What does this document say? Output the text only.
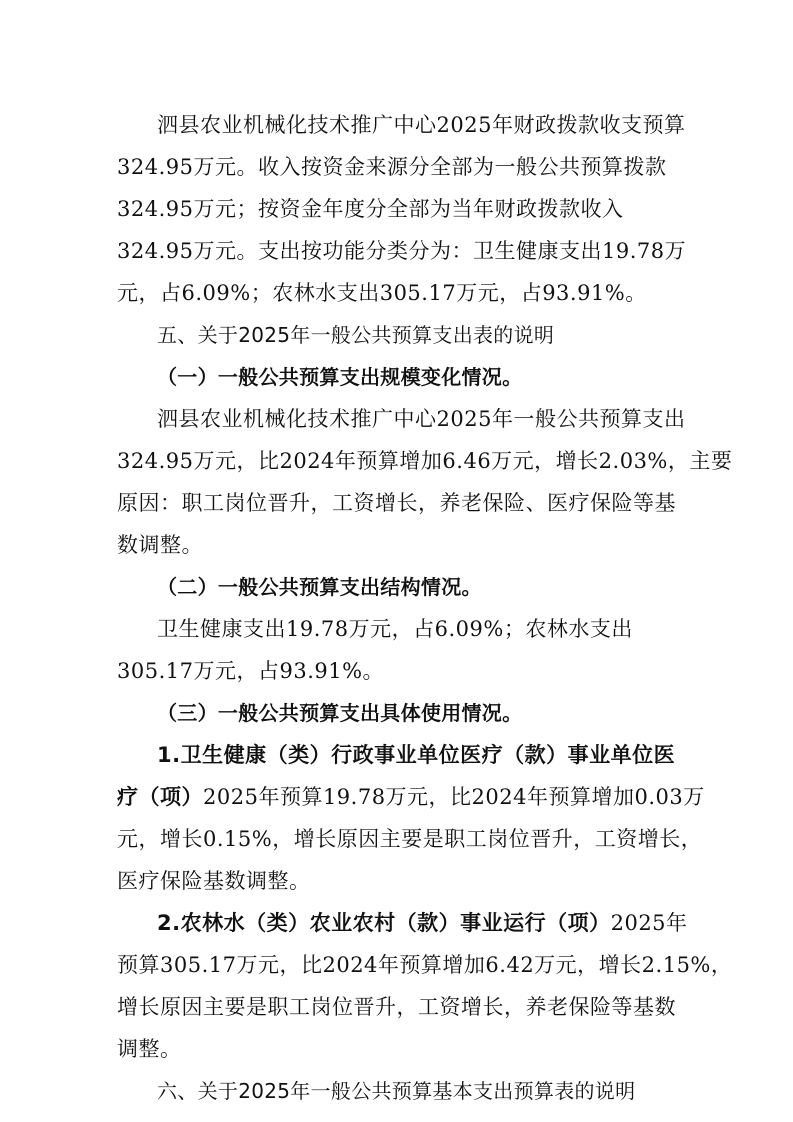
泗县农业机械化技术推广中心2025年财政拨款收支预算
324.95万元。收入按资金来源分全部为一般公共预算拨款
324.95万元；按资金年度分全部为当年财政拨款收入
324.95万元。支出按功能分类分为：卫生健康支出19.78万
元，占6.09%；农林水支出305.17万元，占93.91%。
五、关于2025年一般公共预算支出表的说明
（一）一般公共预算支出规模变化情况。
泗县农业机械化技术推广中心2025年一般公共预算支出
324.95万元，比2024年预算增加6.46万元，增长2.03%，主要
原因：职工岗位晋升，工资增长，养老保险、医疗保险等基
数调整。
（二）一般公共预算支出结构情况。
卫生健康支出19.78万元，占6.09%；农林水支出
305.17万元，占93.91%。
（三）一般公共预算支出具体使用情况。
1.卫生健康（类）行政事业单位医疗（款）事业单位医
疗（项）2025年预算19.78万元，比2024年预算增加0.03万
元，增长0.15%，增长原因主要是职工岗位晋升，工资增长，
医疗保险基数调整。
2.农林水（类）农业农村（款）事业运行（项）2025年
预算305.17万元，比2024年预算增加6.42万元，增长2.15%，
增长原因主要是职工岗位晋升，工资增长，养老保险等基数
调整。
六、关于2025年一般公共预算基本支出预算表的说明
